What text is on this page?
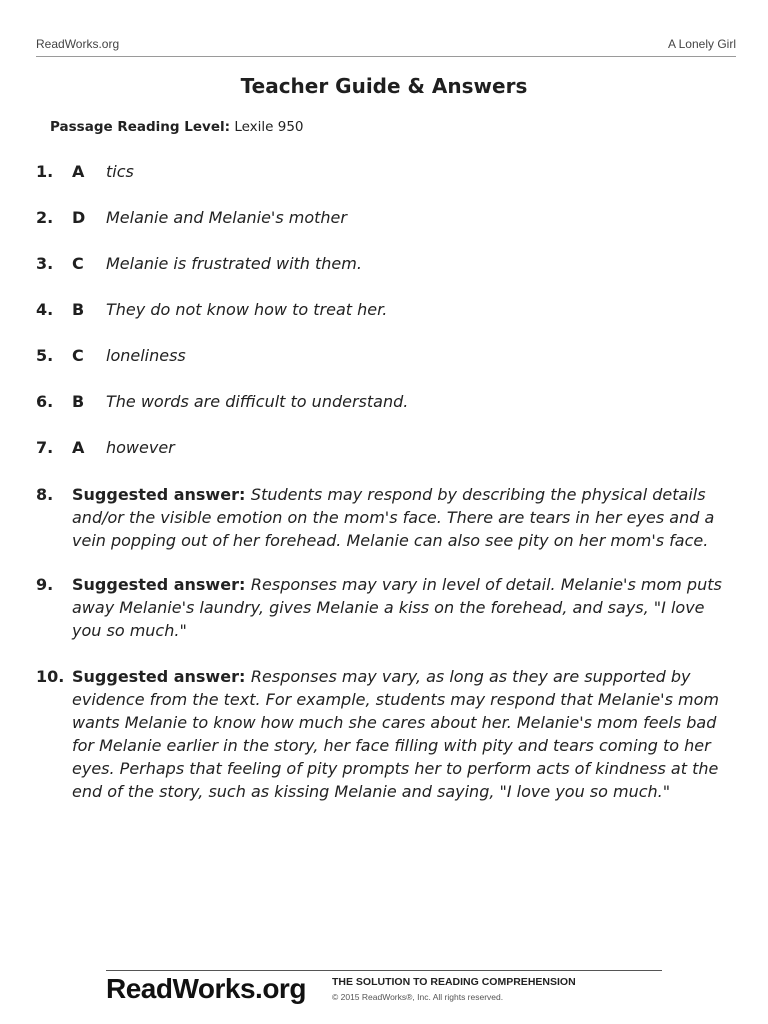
ReadWorks.org	A Lonely Girl
Teacher Guide & Answers
Passage Reading Level: Lexile 950
1. A tics
2. D Melanie and Melanie's mother
3. C Melanie is frustrated with them.
4. B They do not know how to treat her.
5. C loneliness
6. B The words are difficult to understand.
7. A however
8. Suggested answer: Students may respond by describing the physical details and/or the visible emotion on the mom's face. There are tears in her eyes and a vein popping out of her forehead. Melanie can also see pity on her mom's face.
9. Suggested answer: Responses may vary in level of detail. Melanie's mom puts away Melanie's laundry, gives Melanie a kiss on the forehead, and says, "I love you so much."
10. Suggested answer: Responses may vary, as long as they are supported by evidence from the text. For example, students may respond that Melanie's mom wants Melanie to know how much she cares about her. Melanie's mom feels bad for Melanie earlier in the story, her face filling with pity and tears coming to her eyes. Perhaps that feeling of pity prompts her to perform acts of kindness at the end of the story, such as kissing Melanie and saying, "I love you so much."
ReadWorks.org THE SOLUTION TO READING COMPREHENSION
© 2015 ReadWorks®, Inc. All rights reserved.
